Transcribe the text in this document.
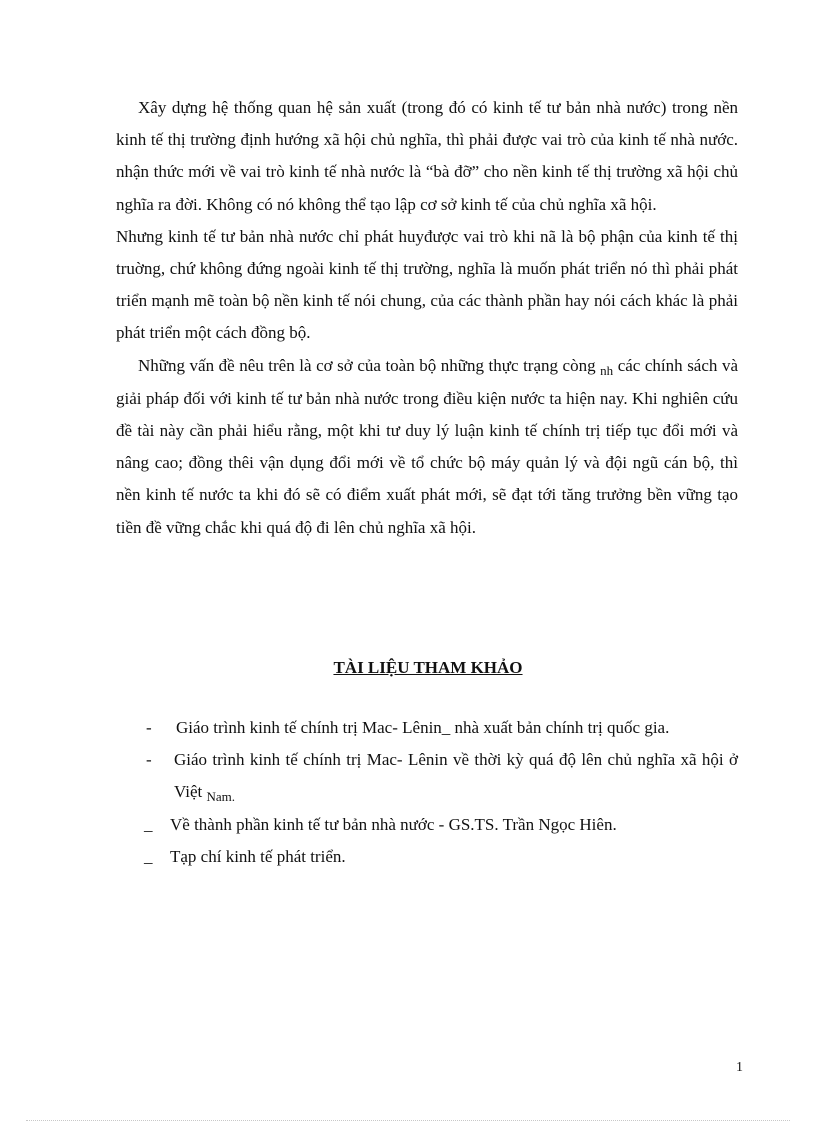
Xây dựng hệ thống quan hệ sản xuất (trong đó có kinh tế tư bản nhà nước) trong nền kinh tế thị trường định hướng xã hội chủ nghĩa, thì phải được vai trò của kinh tế nhà nước. nhận thức mới về vai trò kinh tế nhà nước là “bà đỡ” cho nền kinh tế thị trường xã hội chủ nghĩa ra đời. Không có nó không thể tạo lập cơ sở kinh tế của chủ nghĩa xã hội.

Nhưng kinh tế tư bản nhà nước chỉ phát huyđược vai trò khi nã là bộ phận của kinh tế thị truờng, chứ không đứng ngoài kinh tế thị trường, nghĩa là muốn phát triển nó thì phải phát triển mạnh mẽ toàn bộ nền kinh tế nói chung, của các thành phần hay nói cách khác là phải phát triển một cách đồng bộ.

Những vấn đề nêu trên là cơ sở của toàn bộ những thực trạng còng $_{nh}$ các chính sách và giải pháp đối với kinh tế tư bản nhà nước trong điều kiện nước ta hiện nay. Khi nghiên cứu đề tài này cần phải hiểu rằng, một khi tư duy lý luận kinh tế chính trị tiếp tục đổi mới và nâng cao; đồng thêi vận dụng đổi mới về tổ chức bộ máy quản lý và đội ngũ cán bộ, thì nền kinh tế nước ta khi đó sẽ có điểm xuất phát mới, sẽ đạt tới tăng trưởng bền vững tạo tiền đề vững chắc khi quá độ đi lên chủ nghĩa xã hội.

TÀI LIỆU THAM KHẢO
-	Giáo trình kinh tế chính trị Mac- Lênin_ nhà xuất bản chính trị quốc gia.
-	Giáo trình kinh tế chính trị Mac- Lênin về thời kỳ quá độ lên chủ nghĩa xã hội ở Việt $_{Nam.}$
_	Về thành phần kinh tế tư bản nhà nước - GS.TS. Trần Ngọc Hiên.
_	Tạp chí kinh tế phát triển.
1
